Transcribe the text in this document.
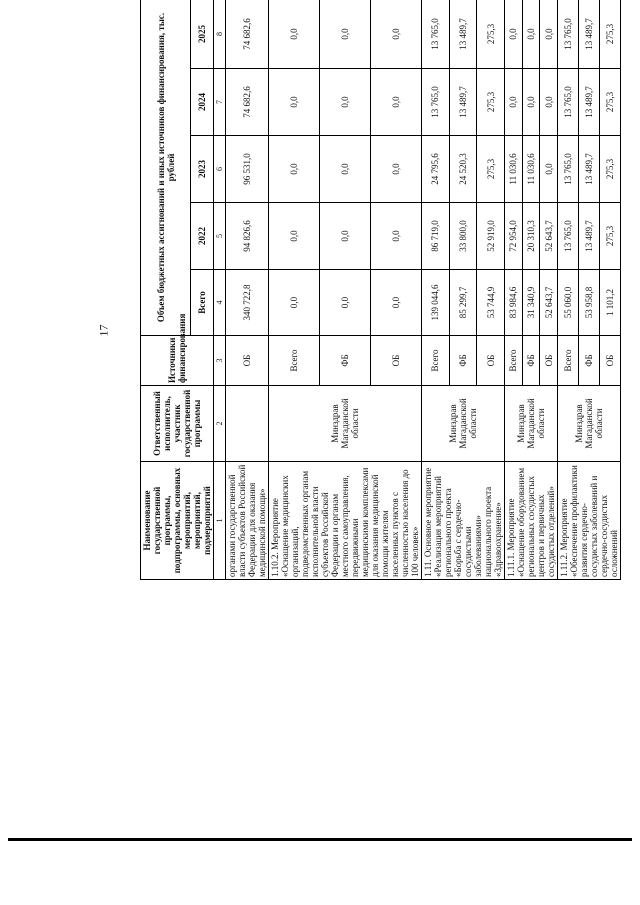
17
Наименование государственной программы, подпрограммы, основных мероприятий, мероприятий, подмероприятий	Ответственный исполнитель, участник государственной программы	Источники финансирования	Объем бюджетных ассигнований и иных источников финансирования, тыс. рублей				
			Всего	2022	2023	2024	2025
1	2	3	4	5	6	7	8
органами государственной власти субъектов Российской Федерации для оказания медицинской помощи»		ОБ	340 722,8	94 826,6	96 531,0	74 682,6	74 682,6
1.10.2. Мероприятие «Оснащение медицинских организаций, подведомственных органам исполнительной власти субъектов Российской Федерации и органам местного самоуправления, передвижными медицинскими комплексами для оказания медицинской помощи жителям населенных пунктов с численностью населения до 100 человек»	Минздрав Магаданской области	Всего	0,0	0,0	0,0	0,0	0,0
		ФБ	0,0	0,0	0,0	0,0	0,0
		ОБ	0,0	0,0	0,0	0,0	0,0
1.11. Основное мероприятие «Реализация мероприятий регионального проекта «Борьба с сердечно-сосудистыми заболеваниями» национального проекта «Здравоохранение»	Минздрав Магаданской области	Всего	139 044,6	86 719,0	24 795,6	13 765,0	13 765,0
		ФБ	85 299,7	33 800,0	24 520,3	13 489,7	13 489,7
		ОБ	53 744,9	52 919,0	275,3	275,3	275,3
1.11.1. Мероприятие «Оснащение оборудованием региональных сосудистых центров и первичных сосудистых отделений»	Минздрав Магаданской области	Всего	83 984,6	72 954,0	11 030,6	0,0	0,0
		ФБ	31 340,9	20 310,3	11 030,6	0,0	0,0
		ОБ	52 643,7	52 643,7	0,0	0,0	0,0
1.11.2. Мероприятие «Обеспечение профилактики развития сердечно-сосудистых заболеваний и сердечно-сосудистых осложнений	Минздрав Магаданской области	Всего	55 060,0	13 765,0	13 765,0	13 765,0	13 765,0
		ФБ	53 958,8	13 489,7	13 489,7	13 489,7	13 489,7
		ОБ	1 101,2	275,3	275,3	275,3	275,3
